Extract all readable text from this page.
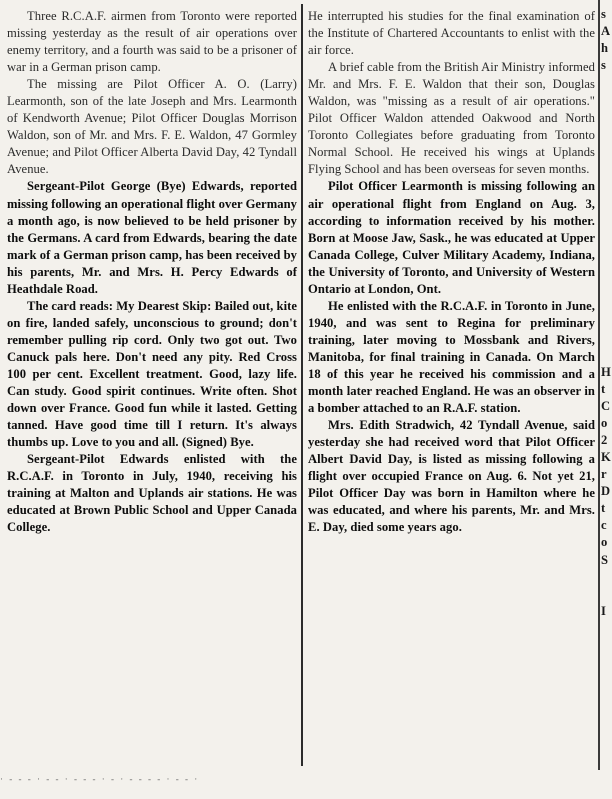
Three R.C.A.F. airmen from Toronto were reported missing yesterday as the result of air operations over enemy territory, and a fourth was said to be a prisoner of war in a German prison camp.

The missing are Pilot Officer A. O. (Larry) Learmonth, son of the late Joseph and Mrs. Learmonth of Kendworth Avenue; Pilot Officer Douglas Morrison Waldon, son of Mr. and Mrs. F. E. Waldon, 47 Gormley Avenue; and Pilot Officer Alberta David Day, 42 Tyndall Avenue.

Sergeant-Pilot George (Bye) Edwards, reported missing following an operational flight over Germany a month ago, is now believed to be held prisoner by the Germans. A card from Edwards, bearing the date mark of a German prison camp, has been received by his parents, Mr. and Mrs. H. Percy Edwards of Heathdale Road.

The card reads: My Dearest Skip: Bailed out, kite on fire, landed safely, unconscious to ground; don't remember pulling rip cord. Only two got out. Two Canuck pals here. Don't need any pity. Red Cross 100 per cent. Excellent treatment. Good, lazy life. Can study. Good spirit continues. Write often. Shot down over France. Good fun while it lasted. Getting tanned. Have good time till I return. It's always thumbs up. Love to you and all. (Signed) Bye.

Sergeant-Pilot Edwards enlisted with the R.C.A.F. in Toronto in July, 1940, receiving his training at Malton and Uplands air stations. He was educated at Brown Public School and Upper Canada College.

He interrupted his studies for the final examination of the Institute of Chartered Accountants to enlist with the air force.

A brief cable from the British Air Ministry informed Mr. and Mrs. F. E. Waldon that their son, Douglas Waldon, was "missing as a result of air operations." Pilot Officer Waldon attended Oakwood and North Toronto Collegiates before graduating from Toronto Normal School. He received his wings at Uplands Flying School and has been overseas for seven months.

Pilot Officer Learmonth is missing following an air operational flight from England on Aug. 3, according to information received by his mother. Born at Moose Jaw, Sask., he was educated at Upper Canada College, Culver Military Academy, Indiana, the University of Toronto, and University of Western Ontario at London, Ont.

He enlisted with the R.C.A.F. in Toronto in June, 1940, and was sent to Regina for preliminary training, later moving to Mossbank and Rivers, Manitoba, for final training in Canada. On March 18 of this year he received his commission and a month later reached England. He was an observer in a bomber attached to an R.A.F. station.

Mrs. Edith Stradwich, 42 Tyndall Avenue, said yesterday she had received word that Pilot Officer Albert David Day, is listed as missing following a flight over occupied France on Aug. 6. Not yet 21, Pilot Officer Day was born in Hamilton where he was educated, and where his parents, Mr. and Mrs. E. Day, died some years ago.

s
A
h
s
H
t
C
o
2
K
r
D
t
c
o
S
I
· ‐ ‐ ‐ · ‐ ‐ · ‐ ‐ ‐ · ‐ · ‐ ‐ ‐ ‐ · ‐ ‐ ·
